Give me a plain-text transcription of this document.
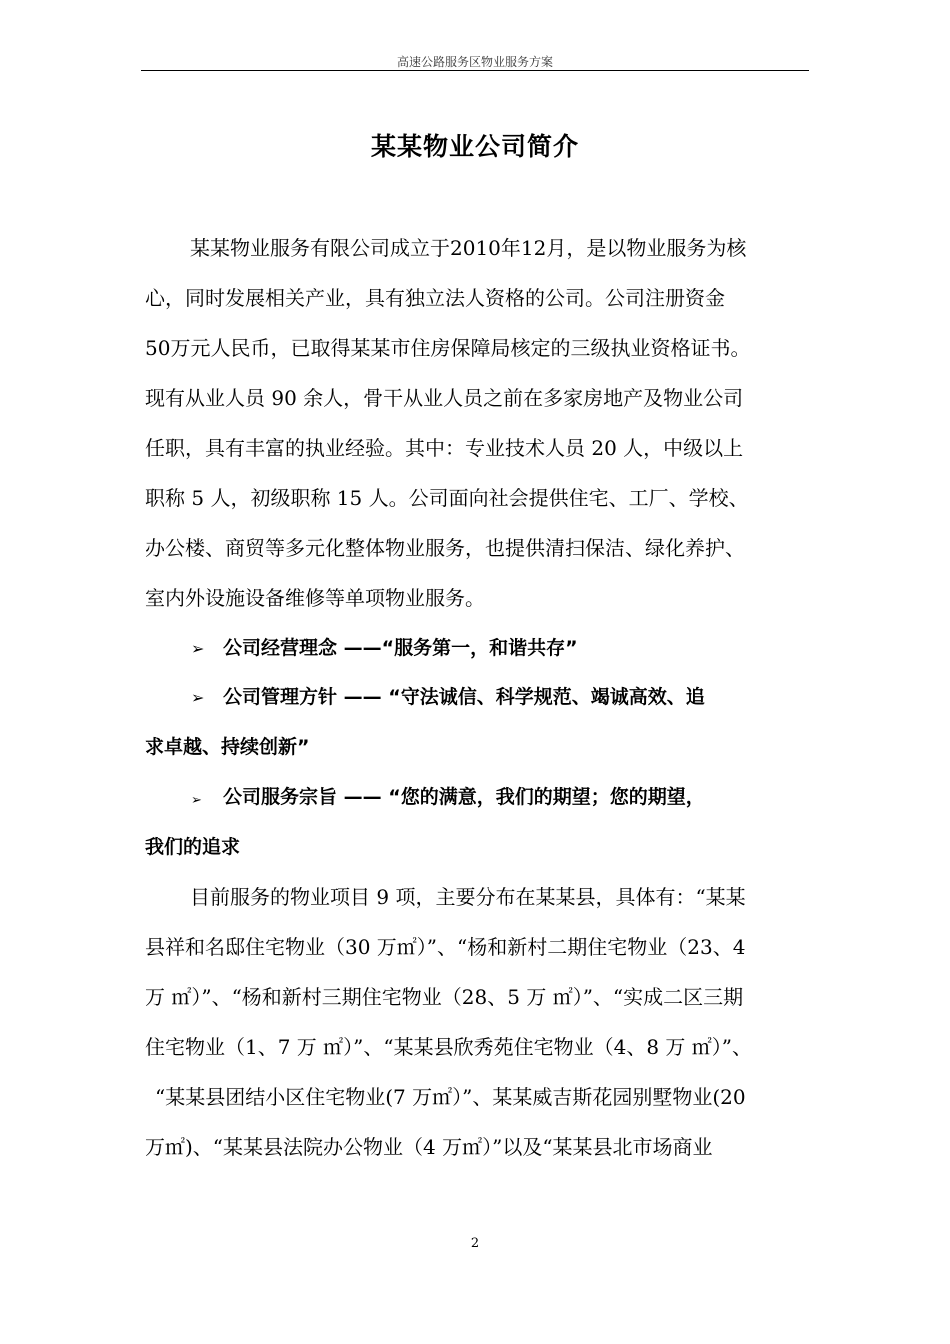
高速公路服务区物业服务方案
某某物业公司简介
某某物业服务有限公司成立于2010年12月，是以物业服务为核
心，同时发展相关产业，具有独立法人资格的公司。公司注册资金
50万元人民币，已取得某某市住房保障局核定的三级执业资格证书。
现有从业人员 90 余人，骨干从业人员之前在多家房地产及物业公司
任职，具有丰富的执业经验。其中：专业技术人员 20 人，中级以上
职称 5 人，初级职称 15 人。公司面向社会提供住宅、工厂、学校、
办公楼、商贸等多元化整体物业服务，也提供清扫保洁、绿化养护、
室内外设施设备维修等单项物业服务。
➢ 公司经营理念 ——“服务第一，和谐共存”
➢ 公司管理方针 —— “守法诚信、科学规范、竭诚高效、追
求卓越、持续创新”
➢ 公司服务宗旨 —— “您的满意，我们的期望；您的期望，
我们的追求
目前服务的物业项目 9 项，主要分布在某某县，具体有：“某某
县祥和名邸住宅物业（30 万㎡）”、“杨和新村二期住宅物业（23、4
万 ㎡）”、“杨和新村三期住宅物业（28、5 万 ㎡）”、“实成二区三期
住宅物业（1、7 万 ㎡）”、“某某县欣秀苑住宅物业（4、8 万 ㎡）”、
“某某县团结小区住宅物业(7 万㎡）”、某某威吉斯花园别墅物业(20
万㎡)、“某某县法院办公物业（4 万㎡）”以及“某某县北市场商业
2
